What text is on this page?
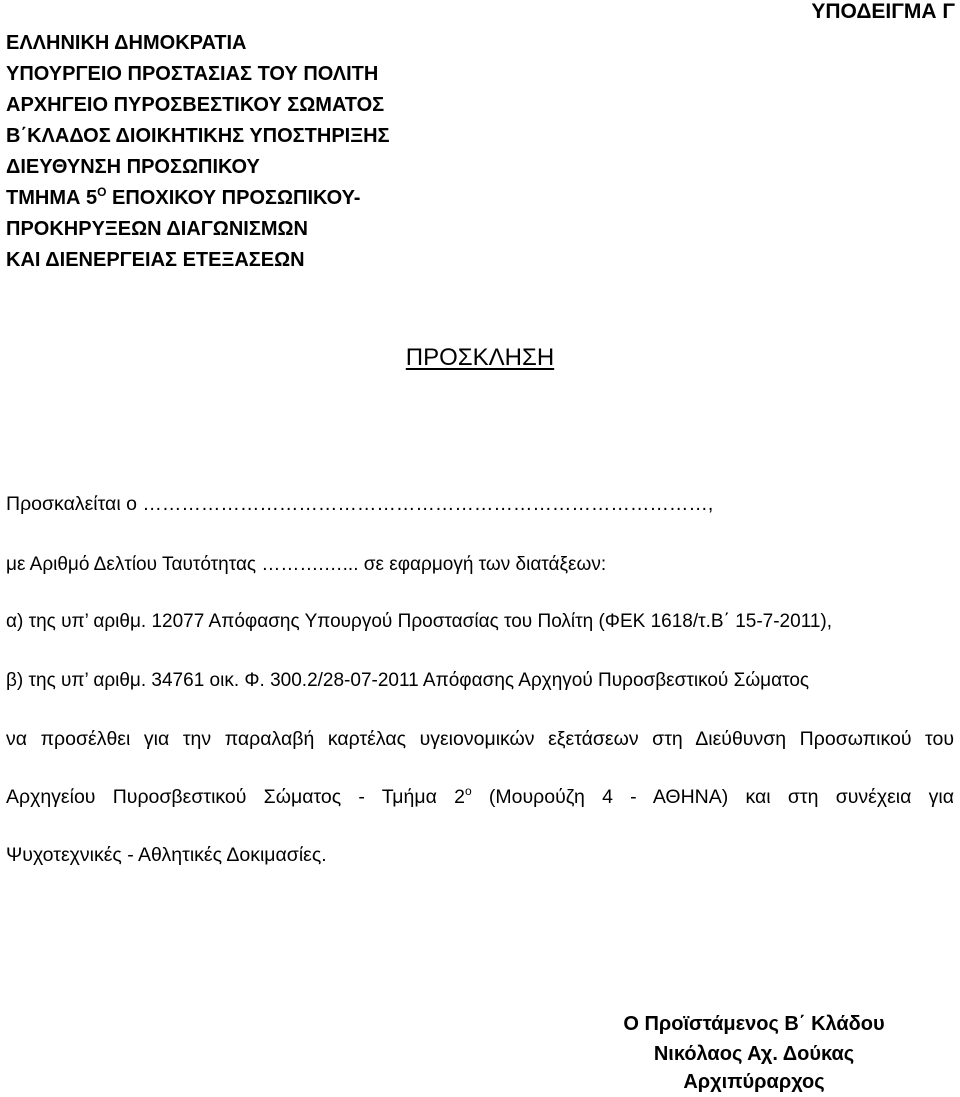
ΥΠΟΔΕΙΓΜΑ Γ
ΕΛΛΗΝΙΚΗ ΔΗΜΟΚΡΑΤΙΑ
ΥΠΟΥΡΓΕΙΟ ΠΡΟΣΤΑΣΙΑΣ ΤΟΥ ΠΟΛΙΤΗ
ΑΡΧΗΓΕΙΟ ΠΥΡΟΣΒΕΣΤΙΚΟΥ ΣΩΜΑΤΟΣ
Β΄ΚΛΑΔΟΣ ΔΙΟΙΚΗΤΙΚΗΣ ΥΠΟΣΤΗΡΙΞΗΣ
ΔΙΕΥΘΥΝΣΗ ΠΡΟΣΩΠΙΚΟΥ
ΤΜΗΜΑ $5^O$ ΕΠΟΧΙΚΟΥ ΠΡΟΣΩΠΙΚΟΥ-
ΠΡΟΚΗΡΥΞΕΩΝ ΔΙΑΓΩΝΙΣΜΩΝ
ΚΑΙ ΔΙΕΝΕΡΓΕΙΑΣ ΕΤΕΞΑΣΕΩΝ
ΠΡΟΣΚΛΗΣΗ
Προσκαλείται ο ……………………………………………………………………………,
με Αριθμό Δελτίου Ταυτότητας ……….…... σε εφαρμογή των διατάξεων:
α) της υπ’ αριθμ. 12077 Απόφασης Υπουργού Προστασίας του Πολίτη (ΦΕΚ 1618/τ.Β΄ 15-7-2011),
β) της υπ’ αριθμ. 34761 οικ. Φ. 300.2/28-07-2011 Απόφασης Αρχηγού Πυροσβεστικού Σώματος
να προσέλθει για την παραλαβή καρτέλας υγειονομικών εξετάσεων στη Διεύθυνση Προσωπικού του
Αρχηγείου Πυροσβεστικού Σώματος - Τμήμα $2^o$ (Μουρούζη 4 - ΑΘΗΝΑ) και στη συνέχεια για
Ψυχοτεχνικές - Αθλητικές Δοκιμασίες.
Ο Προϊστάμενος Β΄ Κλάδου
Νικόλαος Αχ. Δούκας
Αρχιπύραρχος
